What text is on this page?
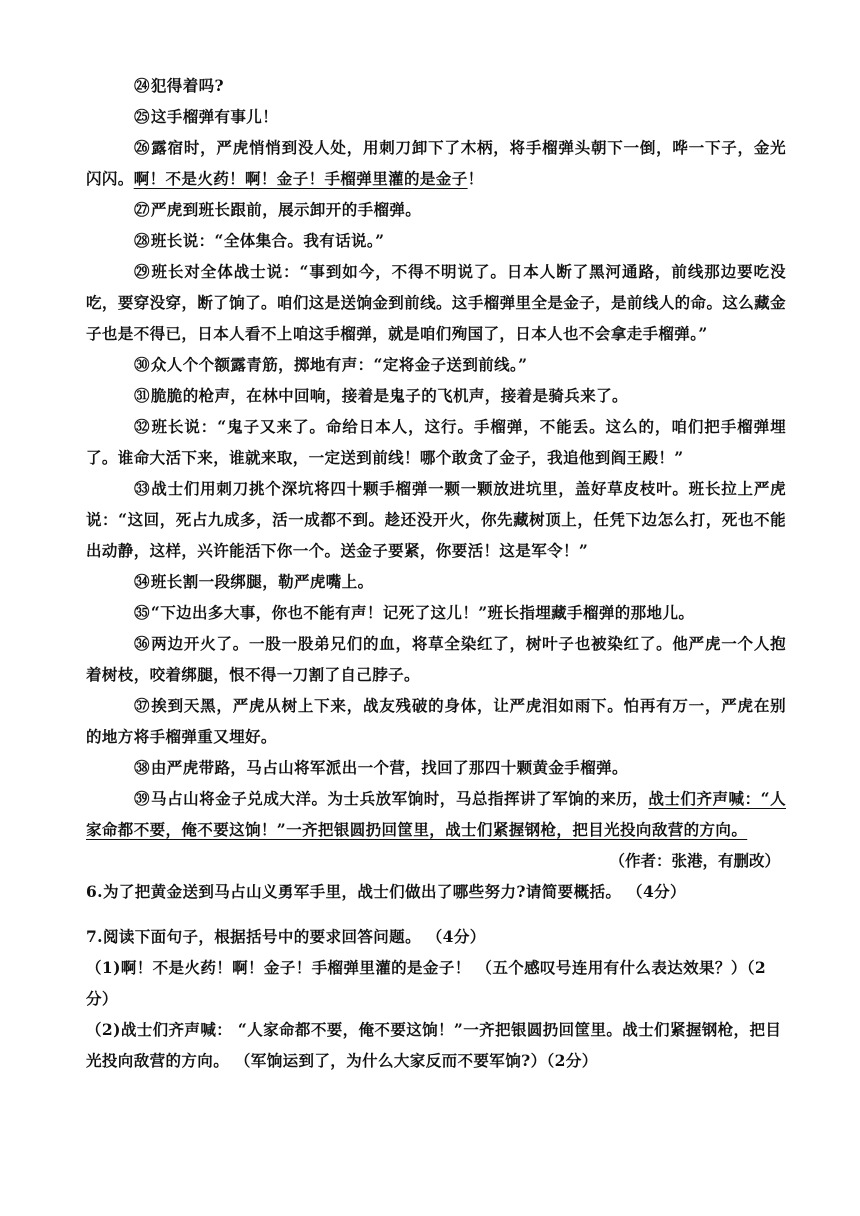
㉔犯得着吗?

㉕这手榴弹有事儿！

㉖露宿时，严虎悄悄到没人处，用刺刀卸下了木柄，将手榴弹头朝下一倒，哗一下子，金光闪闪。啊！不是火药！啊！金子！手榴弹里灌的是金子！

㉗严虎到班长跟前，展示卸开的手榴弹。

㉘班长说：“全体集合。我有话说。”

㉙班长对全体战士说：“事到如今，不得不明说了。日本人断了黑河通路，前线那边要吃没吃，要穿没穿，断了饷了。咱们这是送饷金到前线。这手榴弹里全是金子，是前线人的命。这么藏金子也是不得已，日本人看不上咱这手榴弹，就是咱们殉国了，日本人也不会拿走手榴弹。”

㉚众人个个额露青筋，掷地有声：“定将金子送到前线。”

㉛脆脆的枪声，在林中回响，接着是鬼子的飞机声，接着是骑兵来了。

㉜班长说：“鬼子又来了。命给日本人，这行。手榴弹，不能丢。这么的，咱们把手榴弹埋了。谁命大活下来，谁就来取，一定送到前线！哪个敢贪了金子，我追他到阎王殿！”

㉝战士们用刺刀挑个深坑将四十颗手榴弹一颗一颗放进坑里，盖好草皮枝叶。班长拉上严虎说：“这回，死占九成多，活一成都不到。趁还没开火，你先藏树顶上，任凭下边怎么打，死也不能出动静，这样，兴许能活下你一个。送金子要紧，你要活！这是军令！”

㉞班长割一段绑腿，勒严虎嘴上。

㉟“下边出多大事，你也不能有声！记死了这儿！”班长指埋藏手榴弹的那地儿。

㊱两边开火了。一股一股弟兄们的血，将草全染红了，树叶子也被染红了。他严虎一个人抱着树枝，咬着绑腿，恨不得一刀割了自己脖子。

㊲挨到天黑，严虎从树上下来，战友残破的身体，让严虎泪如雨下。怕再有万一，严虎在别的地方将手榴弹重又埋好。

㊳由严虎带路，马占山将军派出一个营，找回了那四十颗黄金手榴弹。

㊴马占山将金子兑成大洋。为士兵放军饷时，马总指挥讲了军饷的来历，战士们齐声喊：“人家命都不要，俺不要这饷！”一齐把银圆扔回筐里，战士们紧握钢枪，把目光投向敌营的方向。

（作者：张港，有删改）

6.为了把黄金送到马占山义勇军手里，战士们做出了哪些努力?请简要概括。 （4分）

7.阅读下面句子，根据括号中的要求回答问题。 （4分）

（1)啊！不是火药！啊！金子！手榴弹里灌的是金子！ （五个感叹号连用有什么表达效果？）（2分）

（2)战士们齐声喊： “人家命都不要，俺不要这饷！”一齐把银圆扔回筐里。战士们紧握钢枪，把目光投向敌营的方向。 （军饷运到了，为什么大家反而不要军饷?）（2分）
